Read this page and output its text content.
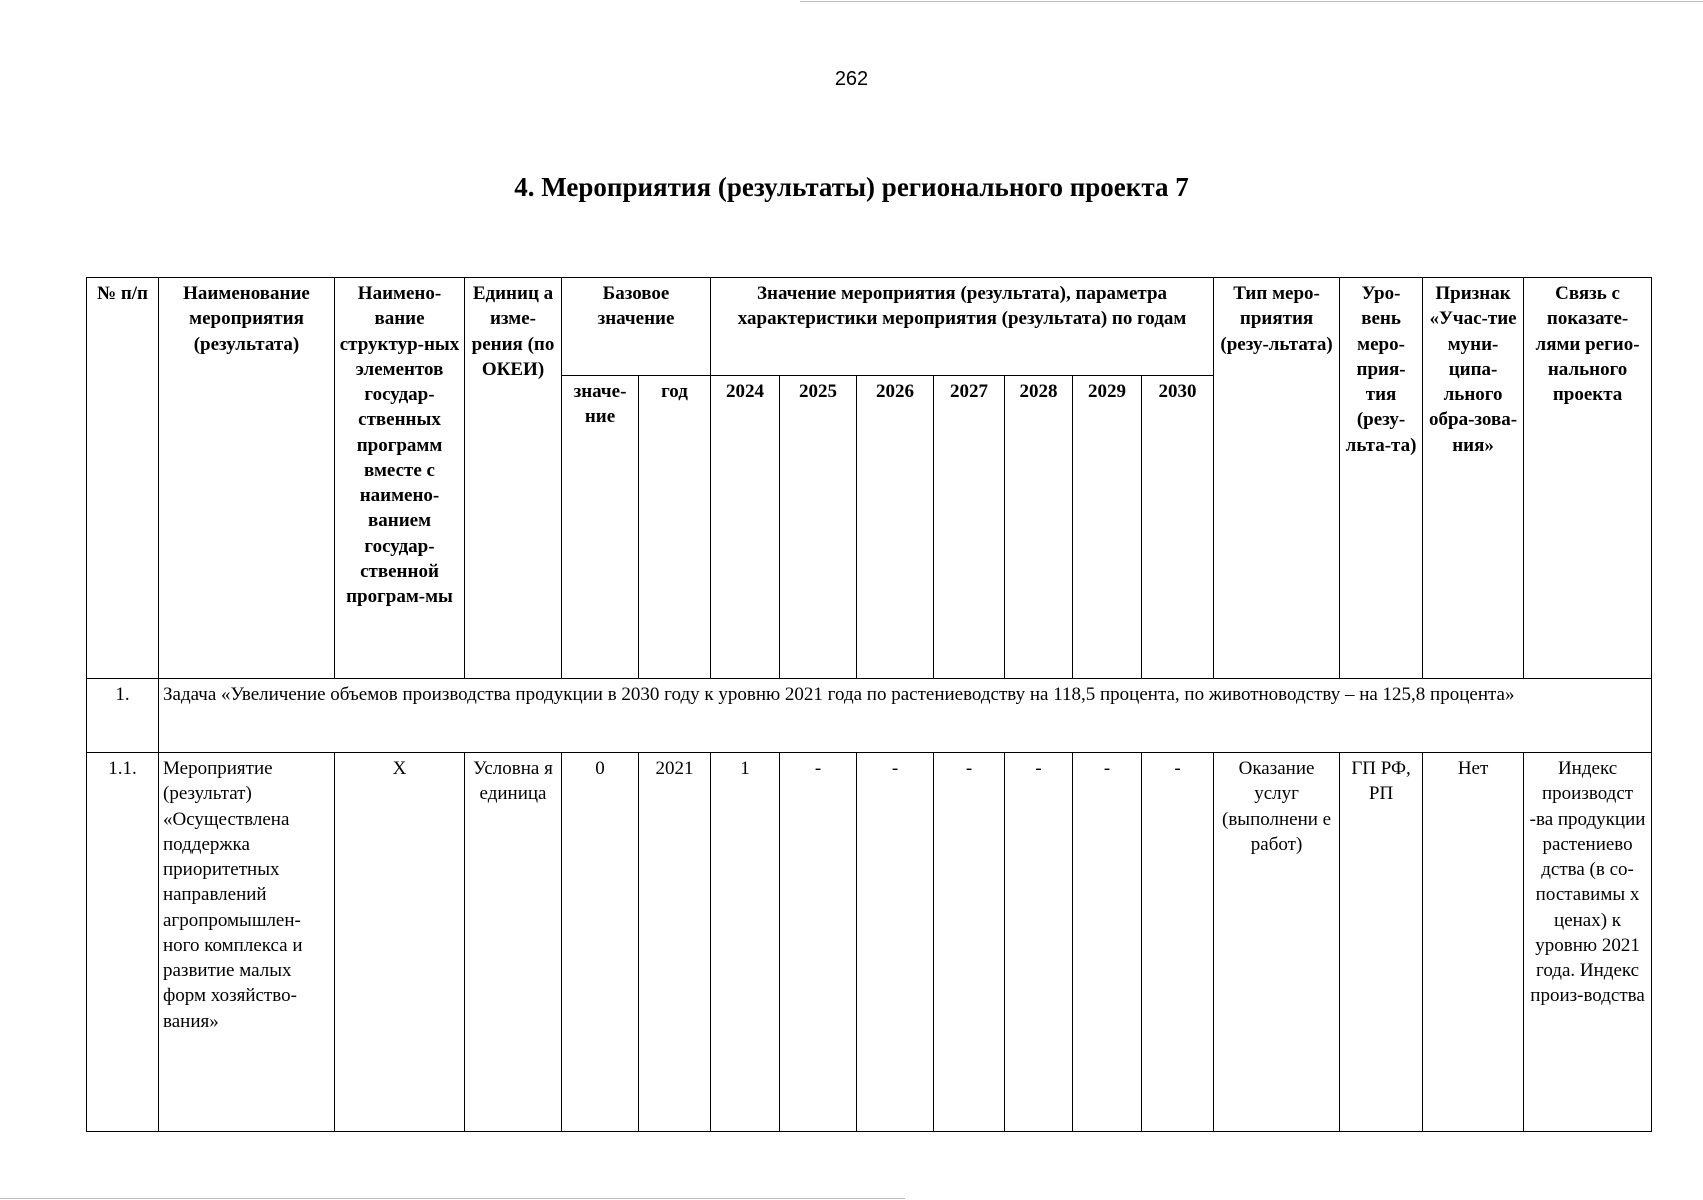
262
4. Мероприятия (результаты) регионального проекта 7
№ п/п	Наименование мероприятия (результата)	Наимено-вание структур-ных элементов государ-ственных программ вместе с наимено-ванием государ-ственной програм-мы	Единиц а изме-рения (по ОКЕИ)	Базовое значение		Значение мероприятия (результата), параметра характеристики мероприятия (результата) по годам							Тип меро-приятия (резу-льтата)	Уро-вень меро-прия-тия (резу-льта-та)	Признак «Учас-тие муни-ципа-льного обра-зова-ния»	Связь с показате-лями регио-нального проекта
				значе-ние	год	2024	2025	2026	2027	2028	2029	2030				
1.	Задача «Увеличение объемов производства продукции в 2030 году к уровню 2021 года по растениеводству на 118,5 процента, по животноводству – на 125,8 процента»															
1.1.	Мероприятие (результат) «Осуществлена поддержка приоритетных направлений агропромышлен-ного комплекса и развитие малых форм хозяйство-вания»	Х	Условна я единица	0	2021	1	-	-	-	-	-	-	Оказание услуг (выполнени е работ)	ГП РФ, РП	Нет	Индекс производст -ва продукции растениево дства (в со-поставимы х ценах) к уровню 2021 года. Индекс произ-водства
